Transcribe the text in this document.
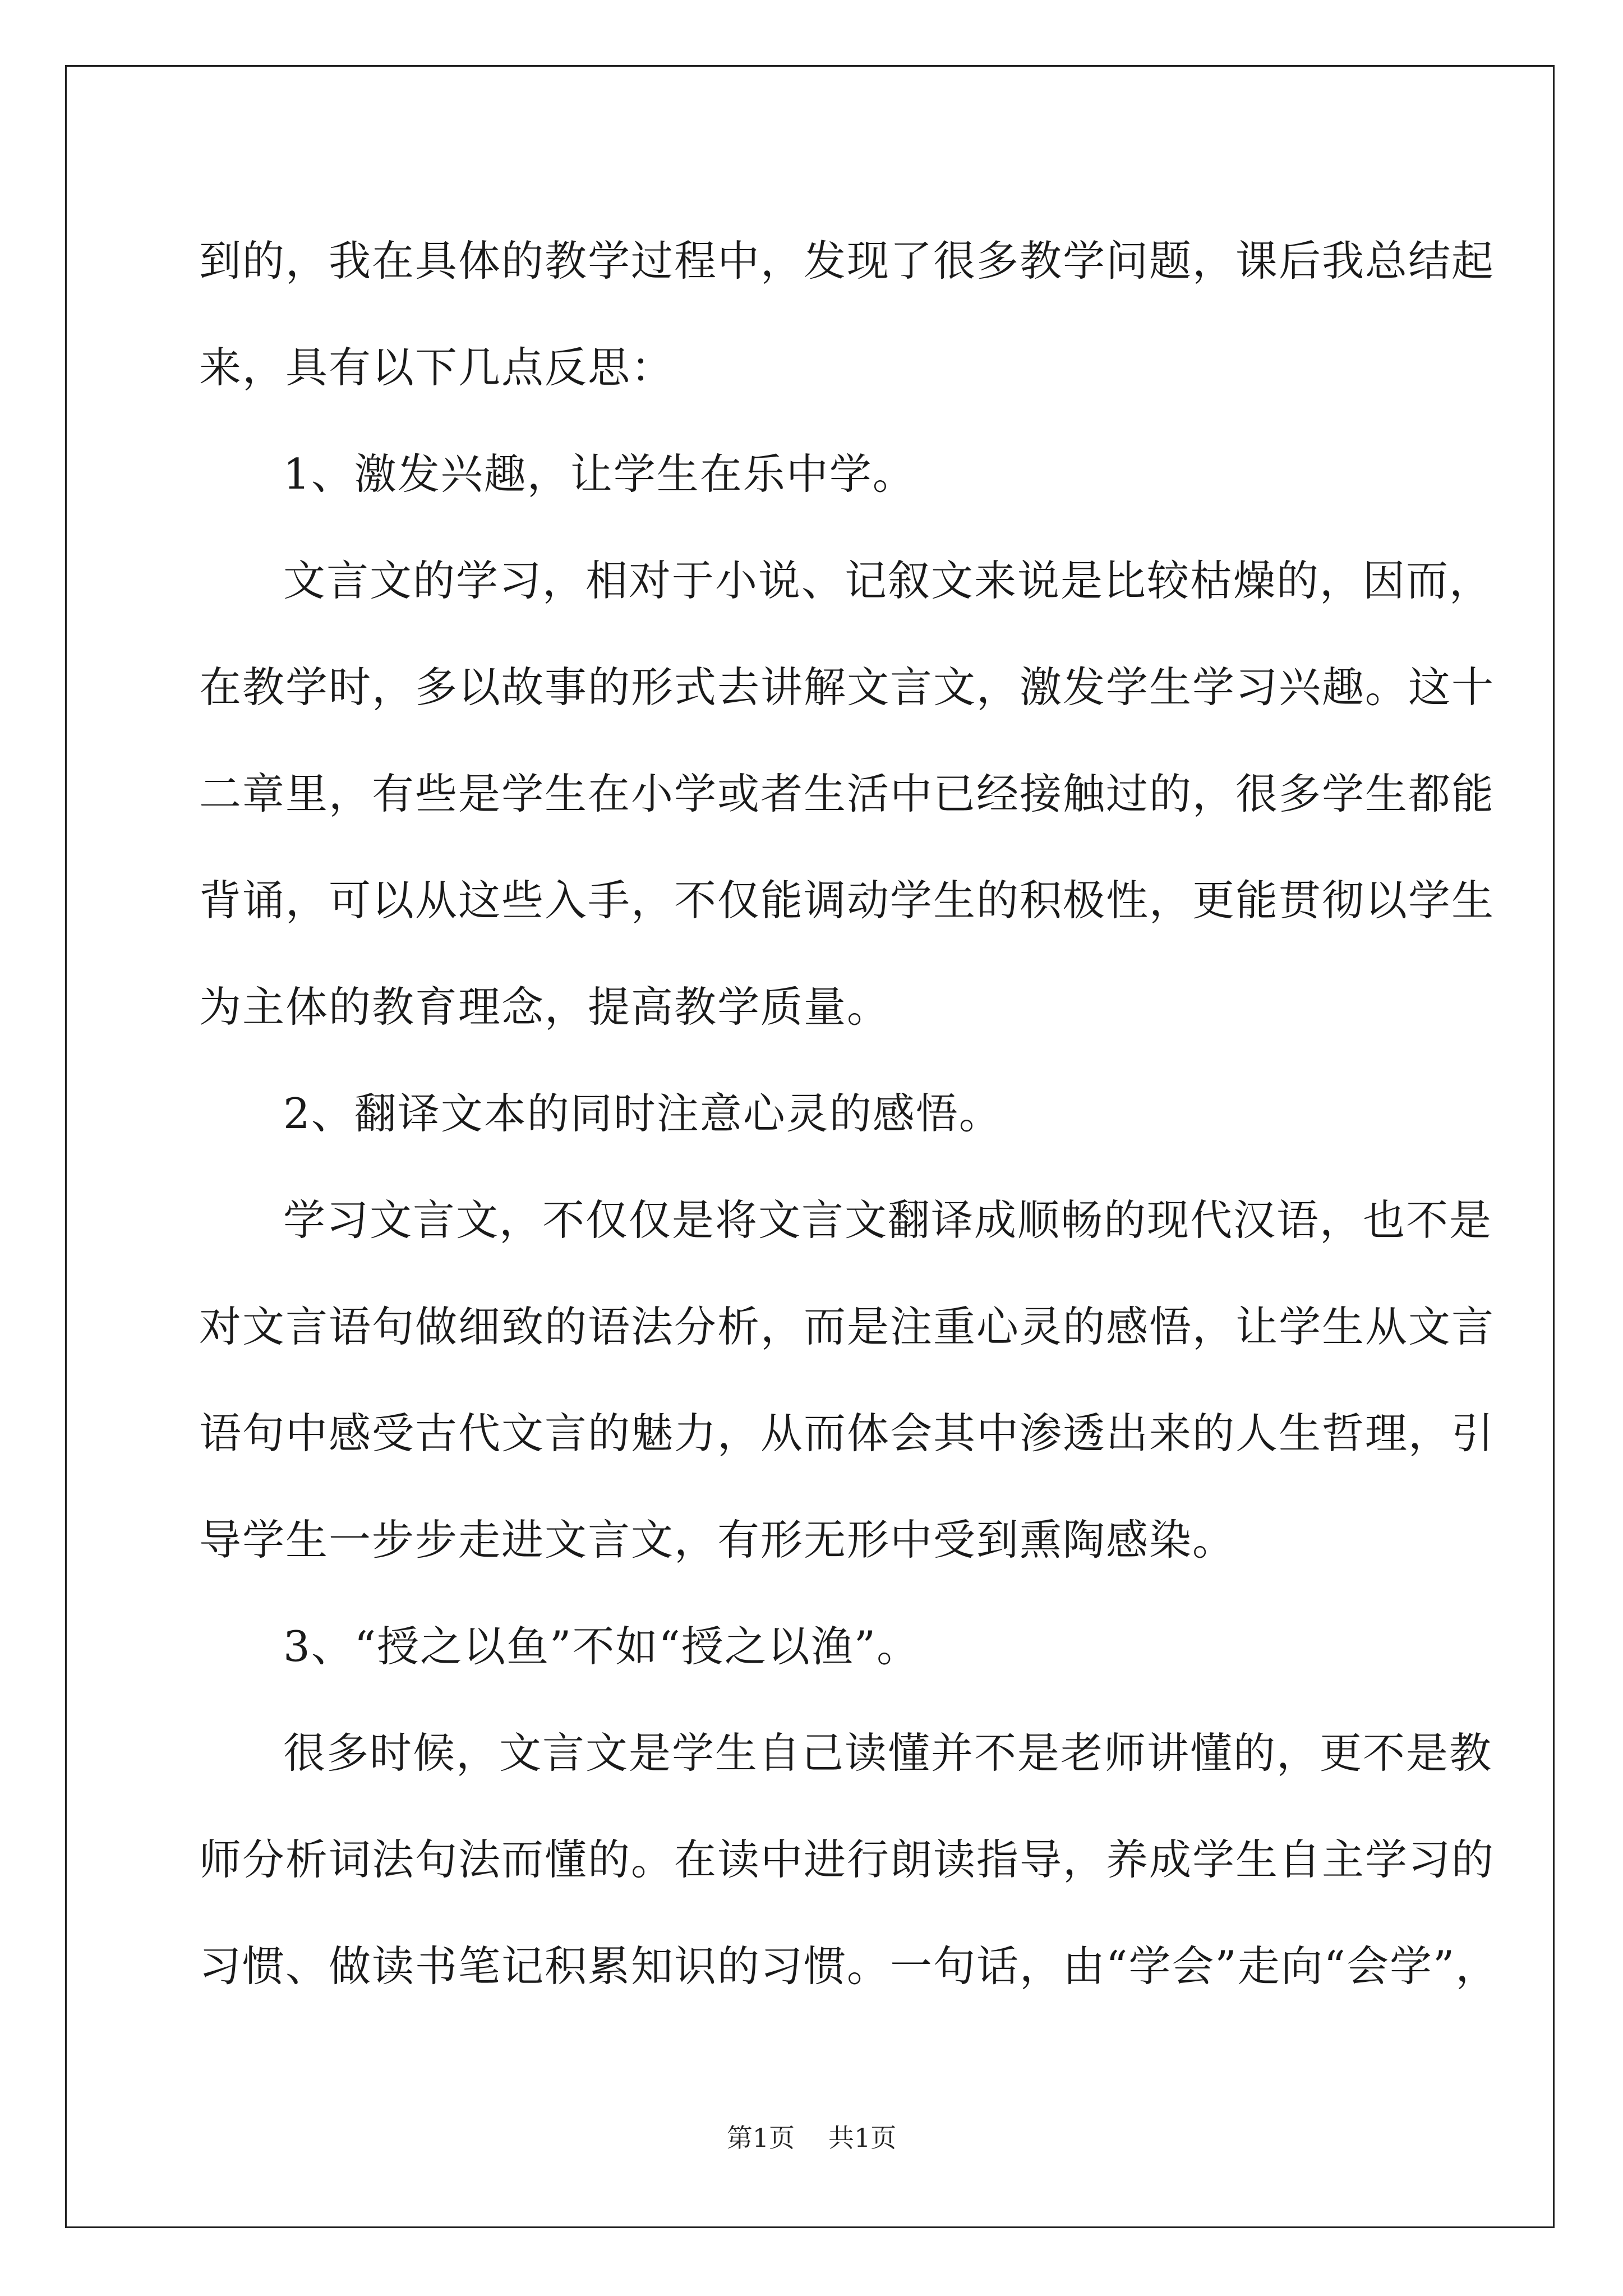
到的，我在具体的教学过程中，发现了很多教学问题，课后我总结起
来，具有以下几点反思：
1、激发兴趣，让学生在乐中学。
文言文的学习，相对于小说、记叙文来说是比较枯燥的，因而，
在教学时，多以故事的形式去讲解文言文，激发学生学习兴趣。这十
二章里，有些是学生在小学或者生活中已经接触过的，很多学生都能
背诵，可以从这些入手，不仅能调动学生的积极性，更能贯彻以学生
为主体的教育理念，提高教学质量。
2、翻译文本的同时注意心灵的感悟。
学习文言文，不仅仅是将文言文翻译成顺畅的现代汉语，也不是
对文言语句做细致的语法分析，而是注重心灵的感悟，让学生从文言
语句中感受古代文言的魅力，从而体会其中渗透出来的人生哲理，引
导学生一步步走进文言文，有形无形中受到熏陶感染。
3、“授之以鱼”不如“授之以渔”。
很多时候，文言文是学生自己读懂并不是老师讲懂的，更不是教
师分析词法句法而懂的。在读中进行朗读指导，养成学生自主学习的
习惯、做读书笔记积累知识的习惯。一句话，由“学会”走向“会学”，
第1页 共1页
